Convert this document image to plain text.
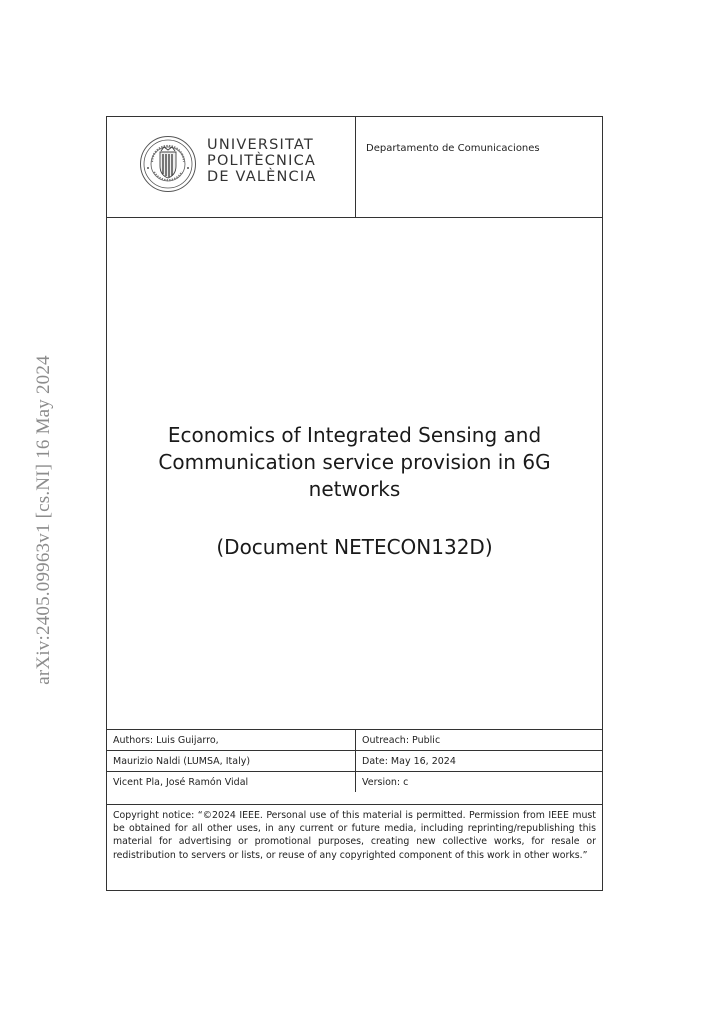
arXiv:2405.09963v1 [cs.NI] 16 May 2024
UNIVERSITAT
POLITÈCNICA
DE VALÈNCIA
Departamento de Comunicaciones
Economics of Integrated Sensing and Communication service provision in 6G networks
(Document NETECON132D)
Authors: Luis Guijarro,	Outreach: Public
Maurizio Naldi (LUMSA, Italy)	Date: May 16, 2024
Vicent Pla, José Ramón Vidal	Version: c
Copyright notice: “©2024 IEEE. Personal use of this material is permitted. Permission from IEEE must be obtained for all other uses, in any current or future media, including reprinting/republishing this material for advertising or promotional purposes, creating new collective works, for resale or redistribution to servers or lists, or reuse of any copyrighted component of this work in other works.”
